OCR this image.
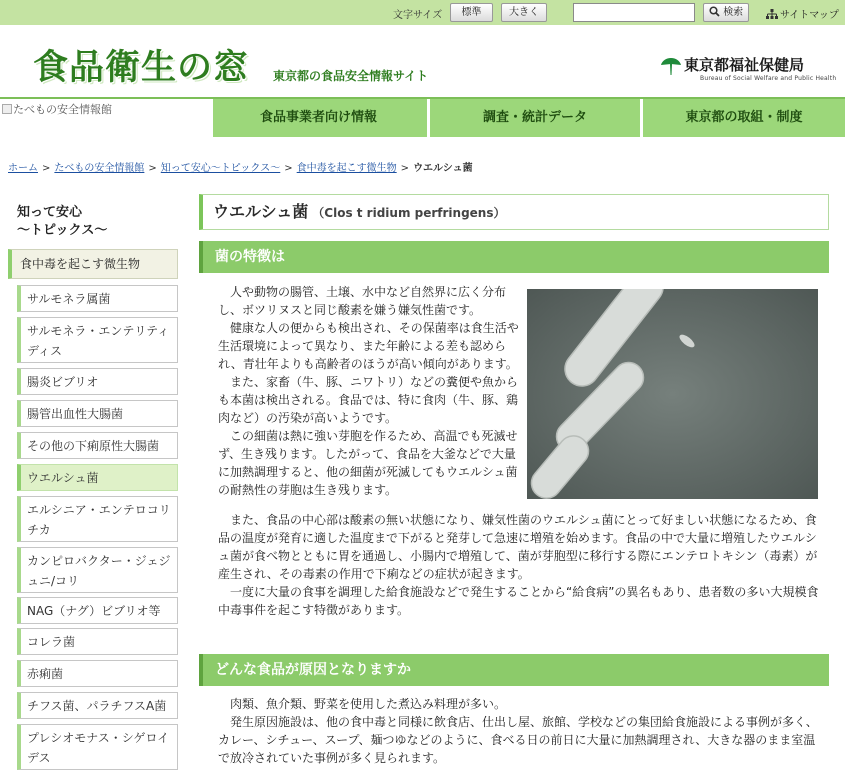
文字サイズ	標準	大きく	検索	サイトマップ
食品衛生の窓 東京都の食品安全情報サイト
東京都福祉保健局
Bureau of Social Welfare and Public Health
たべもの安全情報館
食品事業者向け情報	調査・統計データ	東京都の取組・制度
ホーム > たべもの安全情報館 > 知って安心～トピックス～ > 食中毒を起こす微生物 > ウエルシュ菌
知って安心
～トピックス～
食中毒を起こす微生物
サルモネラ属菌
サルモネラ・エンテリティディス
腸炎ビブリオ
腸管出血性大腸菌
その他の下痢原性大腸菌
ウエルシュ菌
エルシニア・エンテロコリチカ
カンピロバクター・ジェジュニ/コリ
NAG（ナグ）ビブリオ等
コレラ菌
赤痢菌
チフス菌、パラチフスA菌
プレシオモナス・シゲロイデス
ウエルシュ菌 （Clos t ridium perfringens）
菌の特徴は
　人や動物の腸管、土壌、水中など自然界に広く分布
し、ボツリヌスと同じ酸素を嫌う嫌気性菌です。
　健康な人の便からも検出され、その保菌率は食生活や
生活環境によって異なり、また年齢による差も認めら
れ、青壮年よりも高齢者のほうが高い傾向があります。
　また、家畜（牛、豚、ニワトリ）などの糞便や魚から
も本菌は検出される。食品では、特に食肉（牛、豚、鶏
肉など）の汚染が高いようです。
　この細菌は熱に強い芽胞を作るため、高温でも死滅せ
ず、生き残ります。したがって、食品を大釜などで大量
に加熱調理すると、他の細菌が死滅してもウエルシュ菌
の耐熱性の芽胞は生き残ります。
　また、食品の中心部は酸素の無い状態になり、嫌気性菌のウエルシュ菌にとって好ましい状態になるため、食
品の温度が発育に適した温度まで下がると発芽して急速に増殖を始めます。食品の中で大量に増殖したウエルシ
ュ菌が食べ物とともに胃を通過し、小腸内で増殖して、菌が芽胞型に移行する際にエンテロトキシン（毒素）が
産生され、その毒素の作用で下痢などの症状が起きます。
　一度に大量の食事を調理した給食施設などで発生することから“給食病”の異名もあり、患者数の多い大規模食
中毒事件を起こす特徴があります。
どんな食品が原因となりますか
　肉類、魚介類、野菜を使用した煮込み料理が多い。
　発生原因施設は、他の食中毒と同様に飲食店、仕出し屋、旅館、学校などの集団給食施設による事例が多く、
カレー、シチュー、スープ、麺つゆなどのように、食べる日の前日に大量に加熱調理され、大きな器のまま室温
で放冷されていた事例が多く見られます。
